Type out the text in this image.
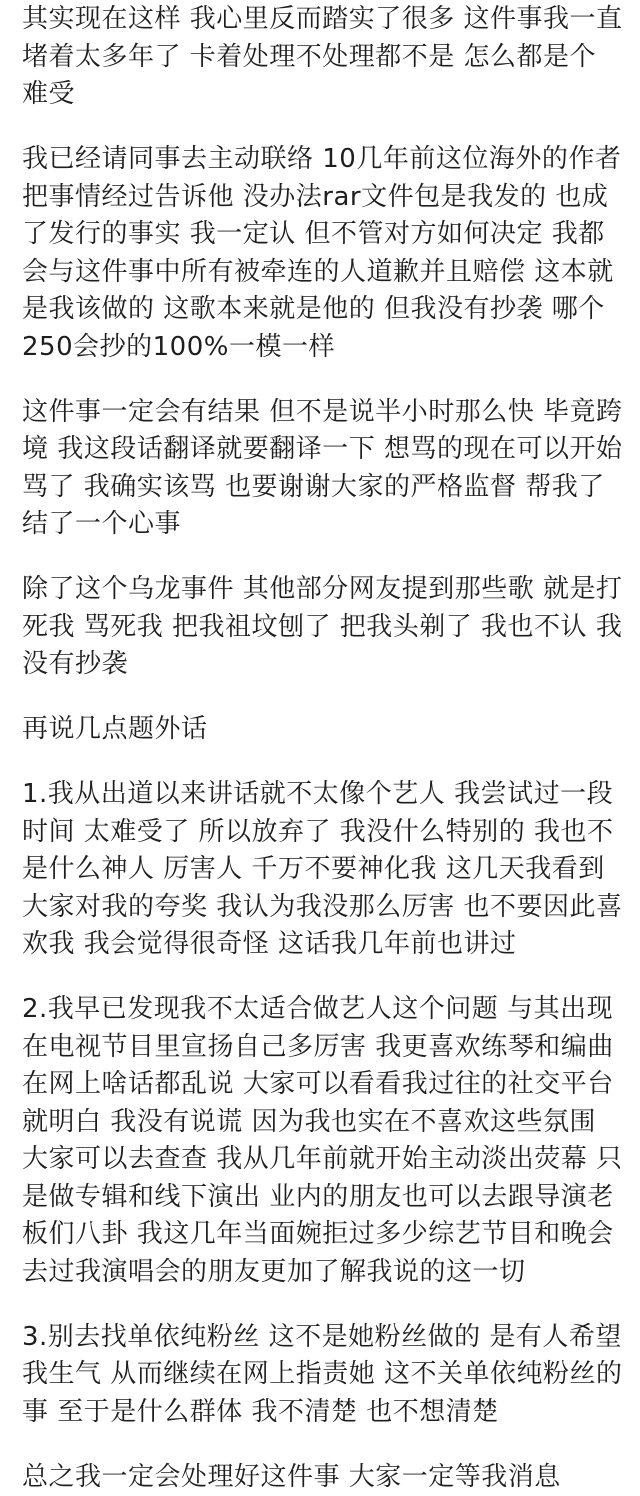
其实现在这样 我心里反而踏实了很多 这件事我一直
堵着太多年了 卡着处理不处理都不是 怎么都是个
难受
我已经请同事去主动联络 10几年前这位海外的作者
把事情经过告诉他 没办法rar文件包是我发的 也成
了发行的事实 我一定认 但不管对方如何决定 我都
会与这件事中所有被牵连的人道歉并且赔偿 这本就
是我该做的 这歌本来就是他的 但我没有抄袭 哪个
250会抄的100%一模一样
这件事一定会有结果 但不是说半小时那么快 毕竟跨
境 我这段话翻译就要翻译一下 想骂的现在可以开始
骂了 我确实该骂 也要谢谢大家的严格监督 帮我了
结了一个心事
除了这个乌龙事件 其他部分网友提到那些歌 就是打
死我 骂死我 把我祖坟刨了 把我头剃了 我也不认 我
没有抄袭
再说几点题外话
1.我从出道以来讲话就不太像个艺人 我尝试过一段
时间 太难受了 所以放弃了 我没什么特别的 我也不
是什么神人 厉害人 千万不要神化我 这几天我看到
大家对我的夸奖 我认为我没那么厉害 也不要因此喜
欢我 我会觉得很奇怪 这话我几年前也讲过
2.我早已发现我不太适合做艺人这个问题 与其出现
在电视节目里宣扬自己多厉害 我更喜欢练琴和编曲
在网上啥话都乱说 大家可以看看我过往的社交平台
就明白 我没有说谎 因为我也实在不喜欢这些氛围
大家可以去查查 我从几年前就开始主动淡出荧幕 只
是做专辑和线下演出 业内的朋友也可以去跟导演老
板们八卦 我这几年当面婉拒过多少综艺节目和晚会
去过我演唱会的朋友更加了解我说的这一切
3.别去找单依纯粉丝 这不是她粉丝做的 是有人希望
我生气 从而继续在网上指责她 这不关单依纯粉丝的
事 至于是什么群体 我不清楚 也不想清楚
总之我一定会处理好这件事 大家一定等我消息
